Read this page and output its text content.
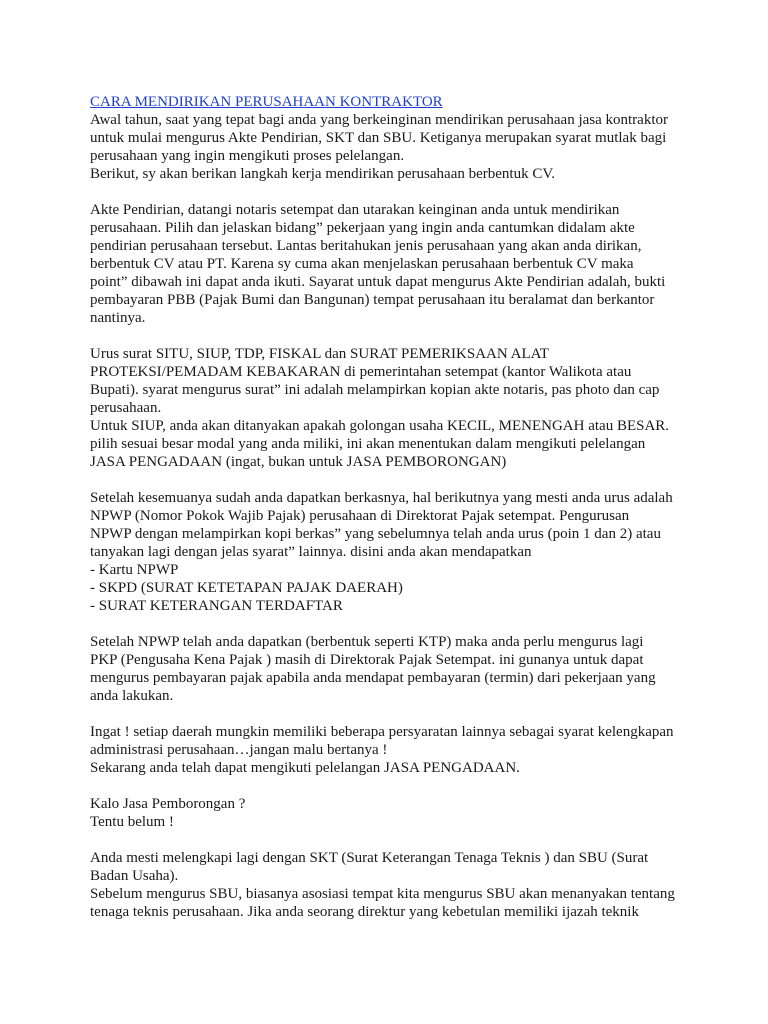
CARA MENDIRIKAN PERUSAHAAN KONTRAKTOR
Awal tahun, saat yang tepat bagi anda yang berkeinginan mendirikan perusahaan jasa kontraktor
untuk mulai mengurus Akte Pendirian, SKT dan SBU. Ketiganya merupakan syarat mutlak bagi
perusahaan yang ingin mengikuti proses pelelangan.
Berikut, sy akan berikan langkah kerja mendirikan perusahaan berbentuk CV.
Akte Pendirian, datangi notaris setempat dan utarakan keinginan anda untuk mendirikan
perusahaan. Pilih dan jelaskan bidang” pekerjaan yang ingin anda cantumkan didalam akte
pendirian perusahaan tersebut. Lantas beritahukan jenis perusahaan yang akan anda dirikan,
berbentuk CV atau PT. Karena sy cuma akan menjelaskan perusahaan berbentuk CV maka
point” dibawah ini dapat anda ikuti. Sayarat untuk dapat mengurus Akte Pendirian adalah, bukti
pembayaran PBB (Pajak Bumi dan Bangunan) tempat perusahaan itu beralamat dan berkantor
nantinya.
Urus surat SITU, SIUP, TDP, FISKAL dan SURAT PEMERIKSAAN ALAT
PROTEKSI/PEMADAM KEBAKARAN di pemerintahan setempat (kantor Walikota atau
Bupati). syarat mengurus surat” ini adalah melampirkan kopian akte notaris, pas photo dan cap
perusahaan.
Untuk SIUP, anda akan ditanyakan apakah golongan usaha KECIL, MENENGAH atau BESAR.
pilih sesuai besar modal yang anda miliki, ini akan menentukan dalam mengikuti pelelangan
JASA PENGADAAN (ingat, bukan untuk JASA PEMBORONGAN)
Setelah kesemuanya sudah anda dapatkan berkasnya, hal berikutnya yang mesti anda urus adalah
NPWP (Nomor Pokok Wajib Pajak) perusahaan di Direktorat Pajak setempat. Pengurusan
NPWP dengan melampirkan kopi berkas” yang sebelumnya telah anda urus (poin 1 dan 2) atau
tanyakan lagi dengan jelas syarat” lainnya. disini anda akan mendapatkan
- Kartu NPWP
- SKPD (SURAT KETETAPAN PAJAK DAERAH)
- SURAT KETERANGAN TERDAFTAR
Setelah NPWP telah anda dapatkan (berbentuk seperti KTP) maka anda perlu mengurus lagi
PKP (Pengusaha Kena Pajak ) masih di Direktorak Pajak Setempat. ini gunanya untuk dapat
mengurus pembayaran pajak apabila anda mendapat pembayaran (termin) dari pekerjaan yang
anda lakukan.
Ingat ! setiap daerah mungkin memiliki beberapa persyaratan lainnya sebagai syarat kelengkapan
administrasi perusahaan…jangan malu bertanya !
Sekarang anda telah dapat mengikuti pelelangan JASA PENGADAAN.
Kalo Jasa Pemborongan ?
Tentu belum !
Anda mesti melengkapi lagi dengan SKT (Surat Keterangan Tenaga Teknis ) dan SBU (Surat
Badan Usaha).
Sebelum mengurus SBU, biasanya asosiasi tempat kita mengurus SBU akan menanyakan tentang
tenaga teknis perusahaan. Jika anda seorang direktur yang kebetulan memiliki ijazah teknik
